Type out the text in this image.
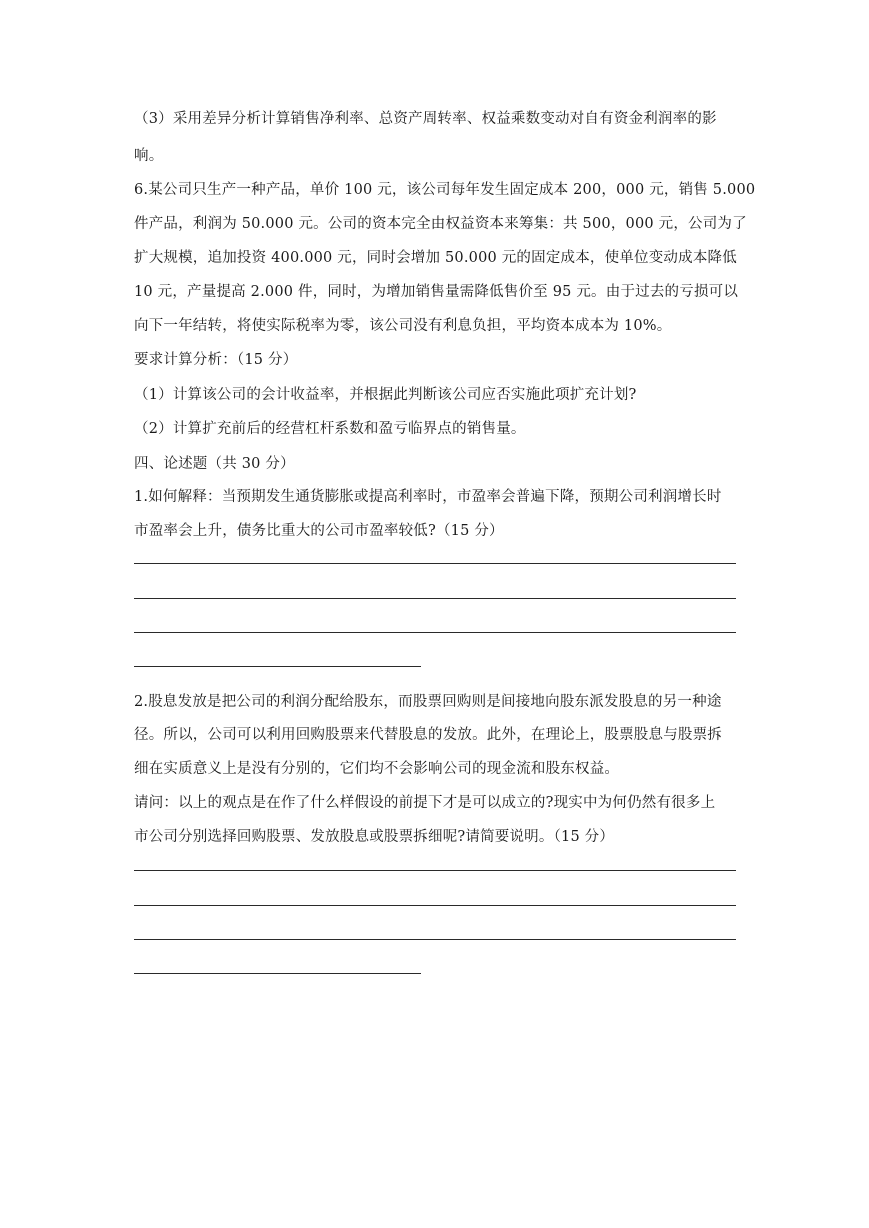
（3）采用差异分析计算销售净利率、总资产周转率、权益乘数变动对自有资金利润率的影
响。
6.某公司只生产一种产品，单价 100 元，该公司每年发生固定成本 200，000 元，销售 5.000
件产品，利润为 50.000 元。公司的资本完全由权益资本来筹集：共 500，000 元，公司为了
扩大规模，追加投资 400.000 元，同时会增加 50.000 元的固定成本，使单位变动成本降低
10 元，产量提高 2.000 件，同时，为增加销售量需降低售价至 95 元。由于过去的亏损可以
向下一年结转，将使实际税率为零，该公司没有利息负担，平均资本成本为 10%。
要求计算分析：（15 分）
（1）计算该公司的会计收益率，并根据此判断该公司应否实施此项扩充计划?
（2）计算扩充前后的经营杠杆系数和盈亏临界点的销售量。
四、论述题（共 30 分）
1.如何解释：当预期发生通货膨胀或提高利率时，市盈率会普遍下降，预期公司利润增长时
市盈率会上升，债务比重大的公司市盈率较低?（15 分）
2.股息发放是把公司的利润分配给股东，而股票回购则是间接地向股东派发股息的另一种途
径。所以，公司可以利用回购股票来代替股息的发放。此外，在理论上，股票股息与股票拆
细在实质意义上是没有分别的，它们均不会影响公司的现金流和股东权益。
请问：以上的观点是在作了什么样假设的前提下才是可以成立的?现实中为何仍然有很多上
市公司分别选择回购股票、发放股息或股票拆细呢?请简要说明。（15 分）
